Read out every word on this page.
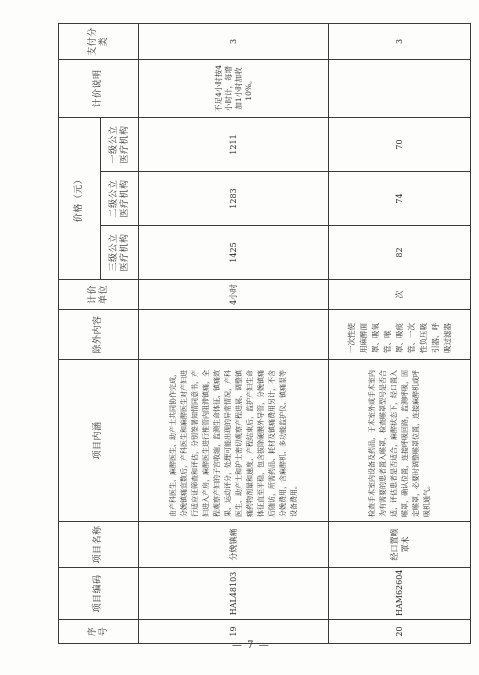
序号	项目编码	项目名称	项目内涵	除外内容	计价单位	价格（元）			计价说明	支付分类
						三级公立医疗机构	二级公立医疗机构	一级公立医疗机构		
19	HAL48103	分娩镇痛	由产科医生、麻醉医生、助产士共同协作完成，分娩镇痛宜数后，产科医生和麻醉医生对产妇进行适应证筛查和评估，分别签署知情同意书，产妇进入产房，麻醉医生进行椎管内阻滞镇痛，全程观察产妇的子宫收缩，监测生命体征、镇痛效果、运动评分，处理可能出现的异常情况，产科医生、助产士和护士密切观察产程进展、调整镇痛药物剂量和速度，产程结束后，监护产妇生命体征直至平稳，包含拔除硬膜外导管，分娩镇痛后随访，所需药品、耗材及镇痛费用另计，不含分娩费用，含麻醉机、多功能监护仪、镇痛泵等设备费用。		4小时	1425	1283	1211	不足4小时按4小时计，每增加1小时加收10%。	3
20	HAM62604	经口置喉罩术	检查手术室内设备及药品，于术室外或手术室内为有需要的患者置入喉罩，检查喉罩型号是否合适，评估患者是否适合，麻醉状态下，经口置入喉罩，确认位置，连接呼吸回路，监测呼吸，固定喉罩，必要时调整喉罩位置，连接麻醉机或呼吸机通气。	一次性使用麻醉面罩、吸氧管、喉罩、吸痰管、一次性负压吸引器、呼吸过滤器	次	82	74	70		3
— 7 —
